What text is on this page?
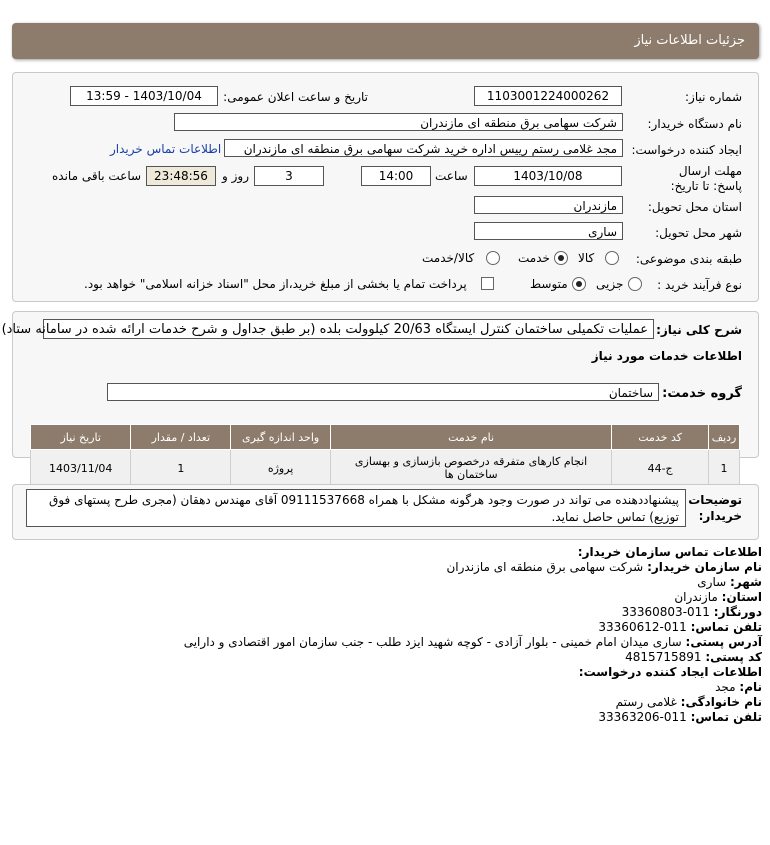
جزئیات اطلاعات نیاز
شماره نیاز:
1103001224000262
تاریخ و ساعت اعلان عمومی:
1403/10/04 - 13:59
نام دستگاه خریدار:
شرکت سهامی برق منطقه ای مازندران
ایجاد کننده درخواست:
مجد غلامی رستم رییس اداره خرید شرکت سهامی برق منطقه ای مازندران
اطلاعات تماس خریدار
مهلت ارسال پاسخ: تا تاریخ:
1403/10/08
ساعت
14:00
3
روز و
23:48:56
ساعت باقی مانده
استان محل تحویل:
مازندران
شهر محل تحویل:
ساری
طبقه بندی موضوعی:
کالا
خدمت
کالا/خدمت
نوع فرآیند خرید :
جزیی
متوسط
پرداخت تمام یا بخشی از مبلغ خرید،از محل "اسناد خزانه اسلامی" خواهد بود.
شرح کلی نیاز:
عملیات تکمیلی ساختمان کنترل ایستگاه 20/63 کیلوولت بلده (بر طبق جداول و شرح خدمات ارائه شده در سامانه ستاد)
اطلاعات خدمات مورد نیاز
گروه خدمت:
ساختمان
ردیف	کد خدمت	نام خدمت	واحد اندازه گیری	تعداد / مقدار	تاریخ نیاز
1	ج-44	انجام کارهای متفرقه درخصوص بازسازی و بهسازی ساختمان ها	پروژه	1	1403/11/04
توضیحات خریدار:
پیشنهاددهنده می تواند در صورت وجود هرگونه مشکل با همراه 09111537668 آقای مهندس دهقان (مجری طرح پستهای فوق توزیع) تماس حاصل نماید.
اطلاعات تماس سازمان خریدار:
نام سازمان خریدار: شرکت سهامی برق منطقه ای مازندران
شهر: ساری
استان: مازندران
دورنگار: 011-33360803
تلفن تماس: 011-33360612
آدرس پستی: ساری میدان امام خمینی - بلوار آزادی - کوچه شهید ایزد طلب - جنب سازمان امور اقتصادی و دارایی
کد پستی: 4815715891
اطلاعات ایجاد کننده درخواست:
نام: مجد
نام خانوادگی: غلامی رستم
تلفن تماس: 011-33363206
